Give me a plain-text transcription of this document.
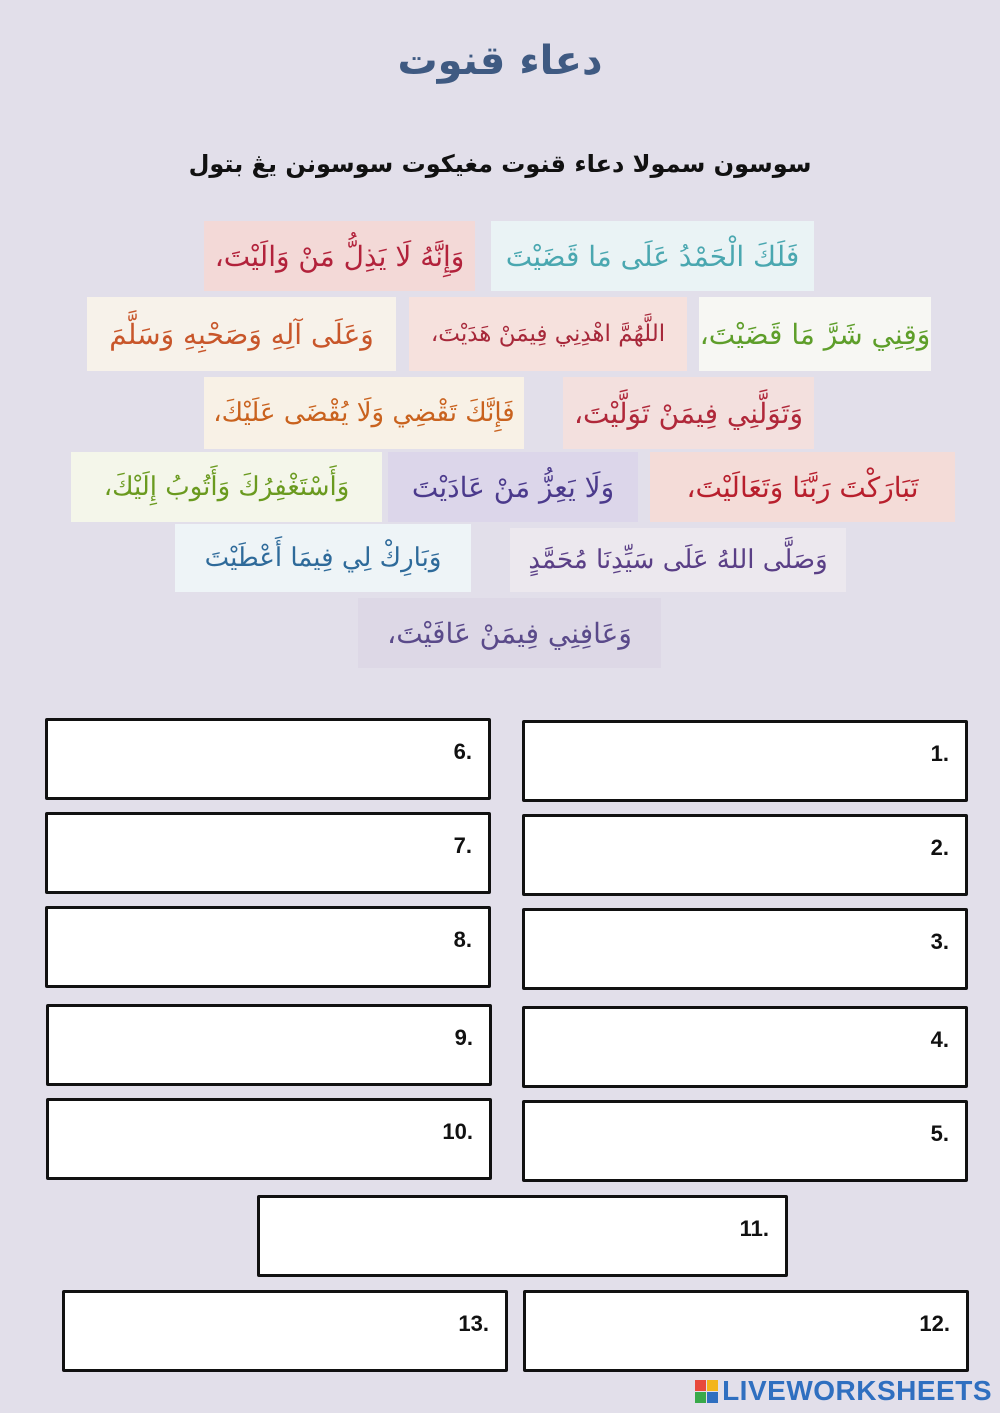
دعاء قنوت
سوسون سمولا دعاء قنوت مغيكوت سوسونن يڠ بتول
فَلَكَ الْحَمْدُ عَلَى مَا قَضَيْتَ
وَإِنَّهُ لَا يَذِلُّ مَنْ وَالَيْتَ،
وَقِنِي شَرَّ مَا قَضَيْتَ،
اللَّهُمَّ اهْدِنِي فِيمَنْ هَدَيْتَ،
وَعَلَى آلِهِ وَصَحْبِهِ وَسَلَّمَ
وَتَوَلَّنِي فِيمَنْ تَوَلَّيْتَ،
فَإِنَّكَ تَقْضِي وَلَا يُقْضَى عَلَيْكَ،
تَبَارَكْتَ رَبَّنَا وَتَعَالَيْتَ،
وَلَا يَعِزُّ مَنْ عَادَيْتَ
وَأَسْتَغْفِرُكَ وَأَتُوبُ إِلَيْكَ،
وَصَلَّى اللهُ عَلَى سَيِّدِنَا مُحَمَّدٍ
وَبَارِكْ لِي فِيمَا أَعْطَيْتَ
وَعَافِنِي فِيمَنْ عَافَيْتَ،
1.
2.
3.
4.
5.
6.
7.
8.
9.
10.
11.
12.
13.
LIVEWORKSHEETS
